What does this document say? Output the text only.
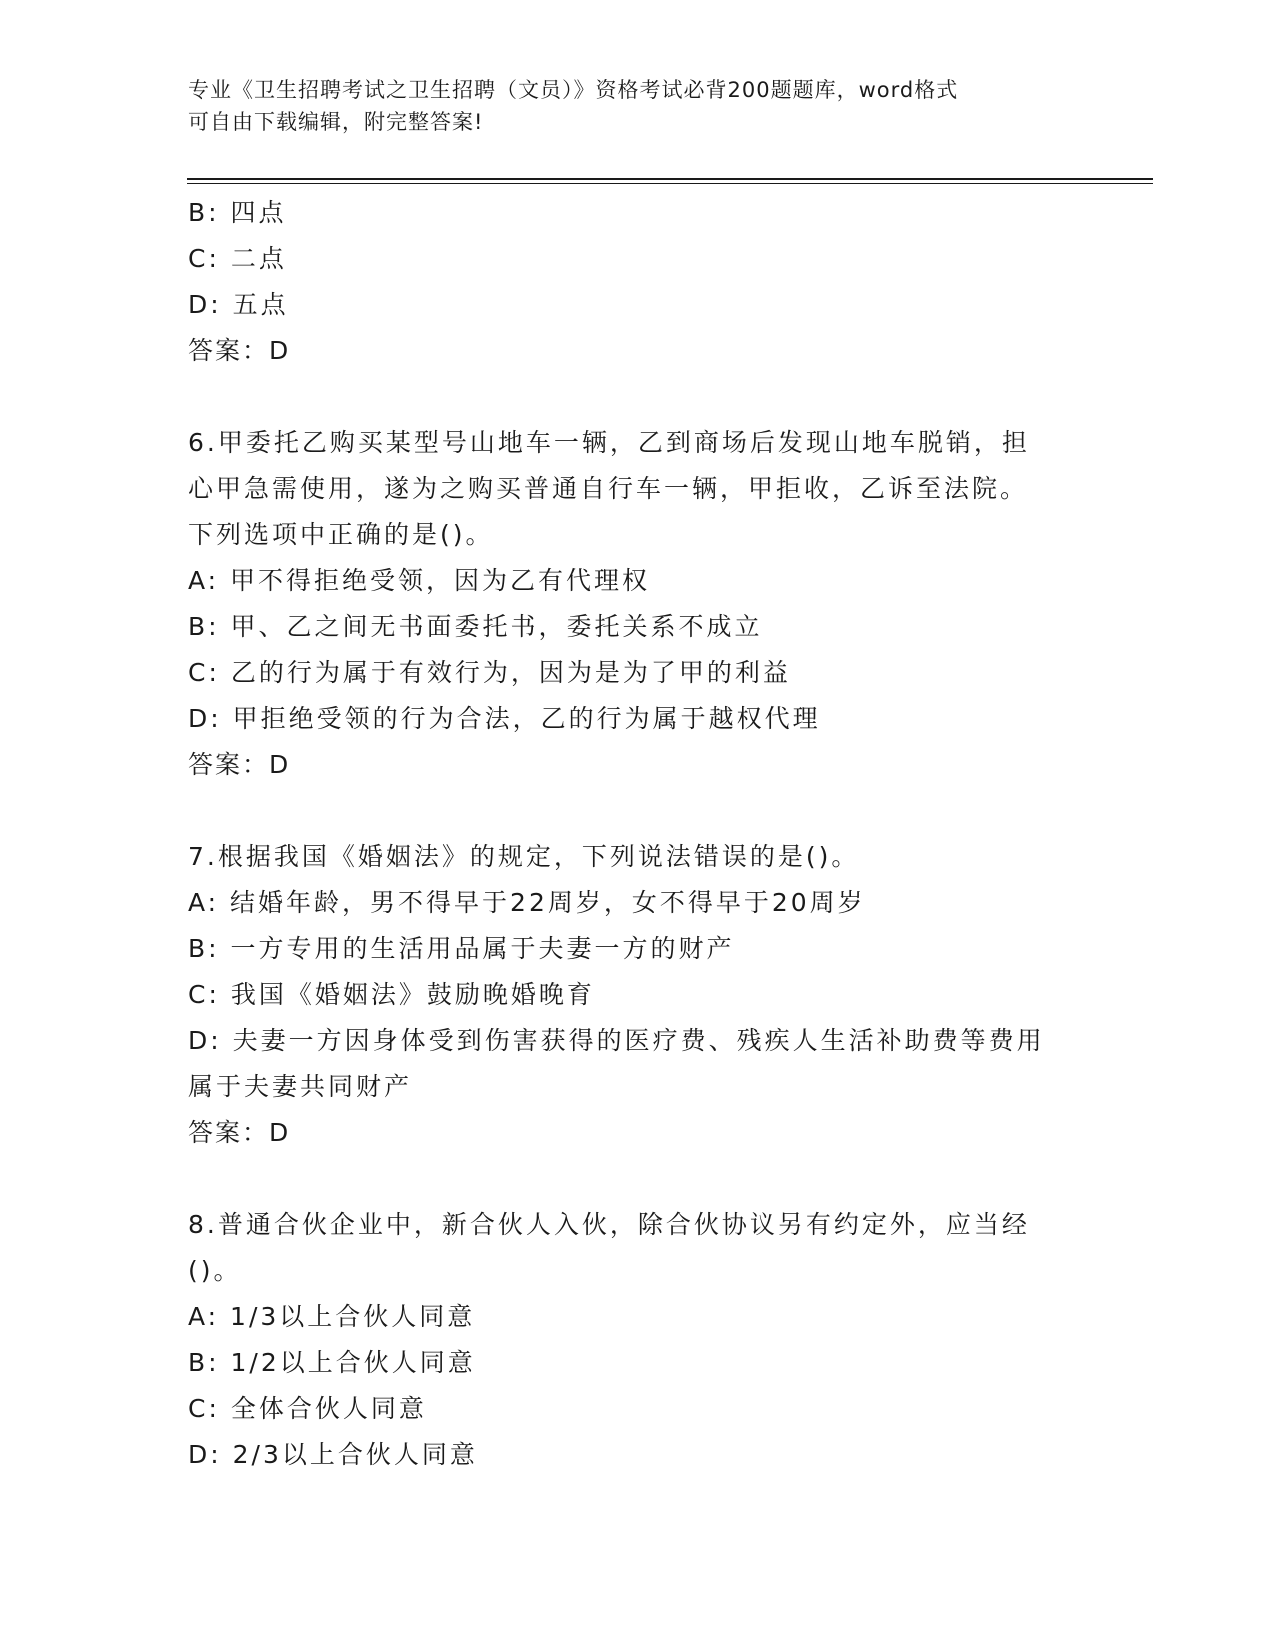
专业《卫生招聘考试之卫生招聘（文员）》资格考试必背200题题库，word格式
可自由下载编辑，附完整答案!
B: 四点
C: 二点
D: 五点
答案：D
6.甲委托乙购买某型号山地车一辆，乙到商场后发现山地车脱销，担
心甲急需使用，遂为之购买普通自行车一辆，甲拒收，乙诉至法院。
下列选项中正确的是()。
A: 甲不得拒绝受领，因为乙有代理权
B: 甲、乙之间无书面委托书，委托关系不成立
C: 乙的行为属于有效行为，因为是为了甲的利益
D: 甲拒绝受领的行为合法，乙的行为属于越权代理
答案：D
7.根据我国《婚姻法》的规定，下列说法错误的是()。
A: 结婚年龄，男不得早于22周岁，女不得早于20周岁
B: 一方专用的生活用品属于夫妻一方的财产
C: 我国《婚姻法》鼓励晚婚晚育
D: 夫妻一方因身体受到伤害获得的医疗费、残疾人生活补助费等费用
属于夫妻共同财产
答案：D
8.普通合伙企业中，新合伙人入伙，除合伙协议另有约定外，应当经
()。
A: 1/3以上合伙人同意
B: 1/2以上合伙人同意
C: 全体合伙人同意
D: 2/3以上合伙人同意
